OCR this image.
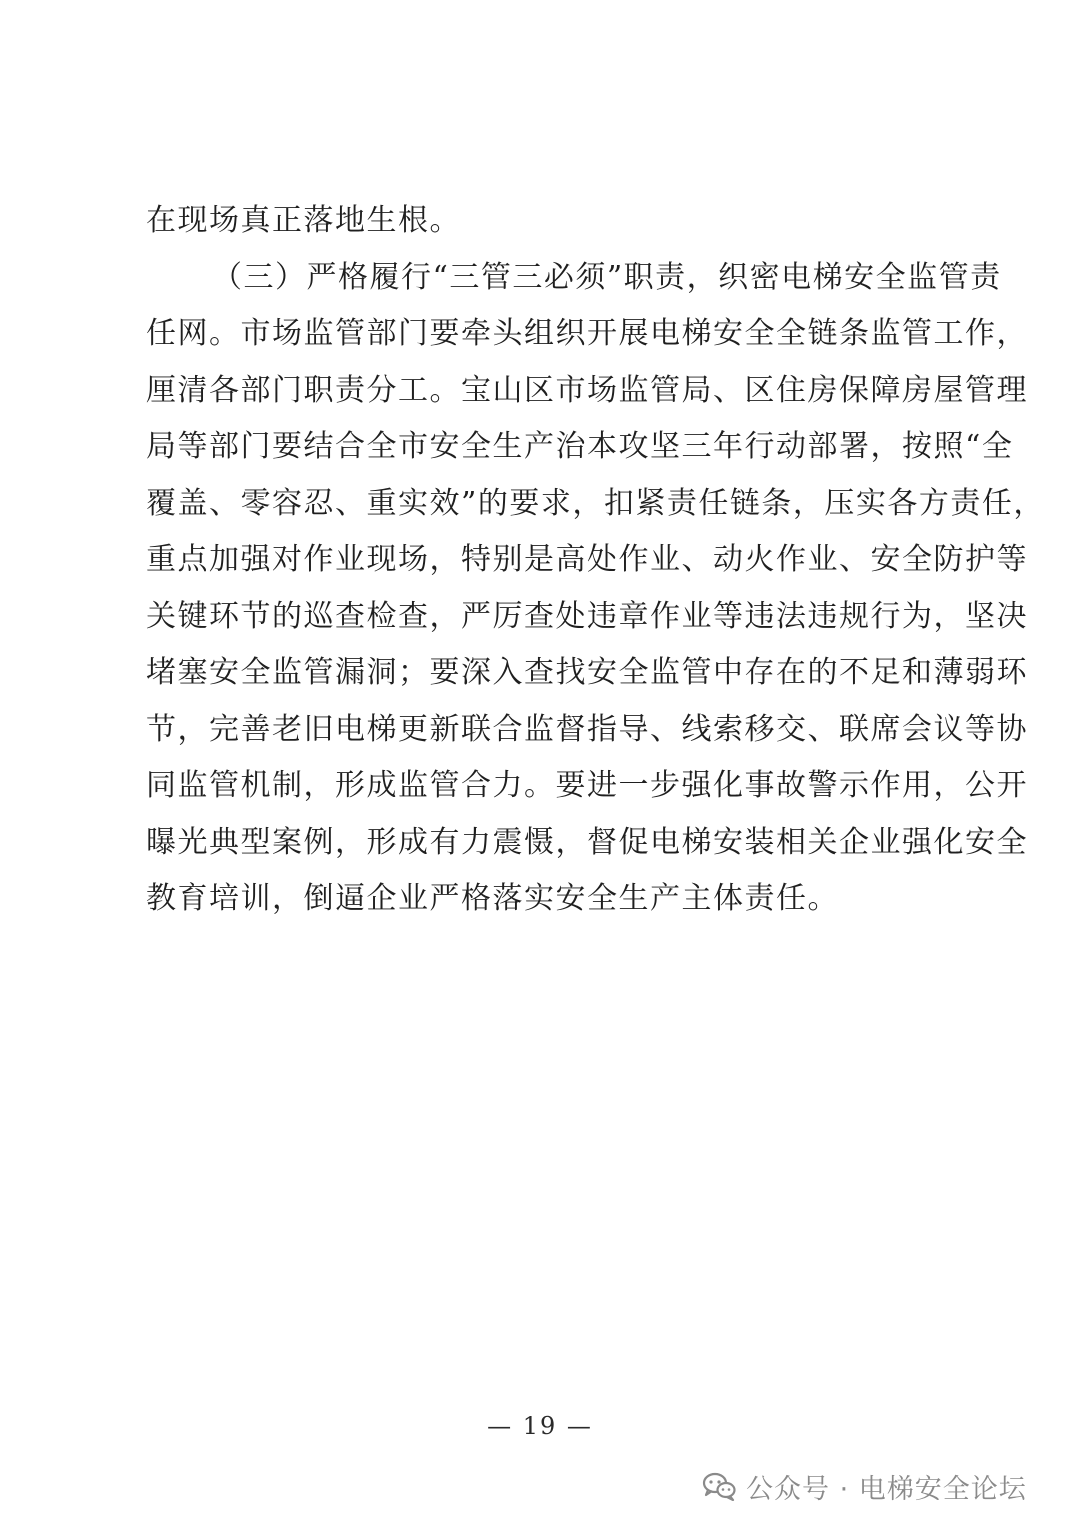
在现场真正落地生根。
（三）严格履行“三管三必须”职责，织密电梯安全监管责
任网。市场监管部门要牵头组织开展电梯安全全链条监管工作，
厘清各部门职责分工。宝山区市场监管局、区住房保障房屋管理
局等部门要结合全市安全生产治本攻坚三年行动部署，按照“全
覆盖、零容忍、重实效”的要求，扣紧责任链条，压实各方责任，
重点加强对作业现场，特别是高处作业、动火作业、安全防护等
关键环节的巡查检查，严厉查处违章作业等违法违规行为，坚决
堵塞安全监管漏洞；要深入查找安全监管中存在的不足和薄弱环
节，完善老旧电梯更新联合监督指导、线索移交、联席会议等协
同监管机制，形成监管合力。要进一步强化事故警示作用，公开
曝光典型案例，形成有力震慑，督促电梯安装相关企业强化安全
教育培训，倒逼企业严格落实安全生产主体责任。
— 19 —
公众号 · 电梯安全论坛
